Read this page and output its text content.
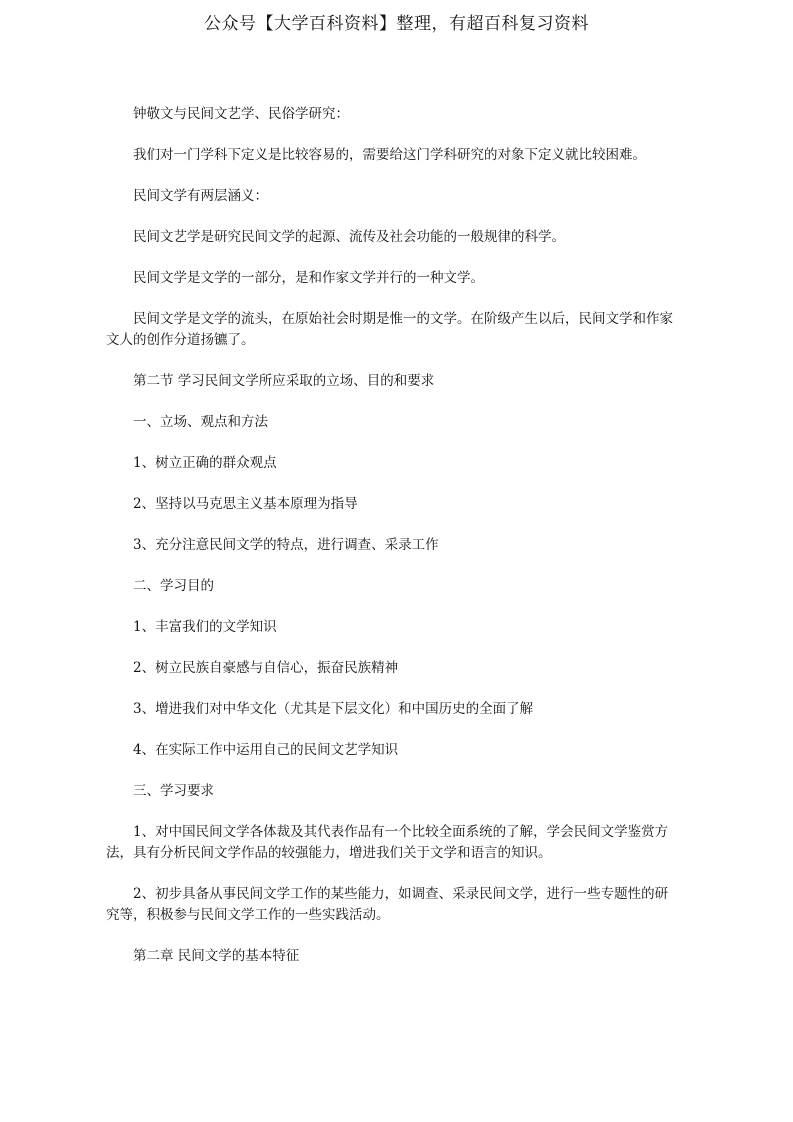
公众号【大学百科资料】整理，有超百科复习资料

钟敬文与民间文艺学、民俗学研究：

我们对一门学科下定义是比较容易的，需要给这门学科研究的对象下定义就比较困难。

民间文学有两层涵义：

民间文艺学是研究民间文学的起源、流传及社会功能的一般规律的科学。

民间文学是文学的一部分，是和作家文学并行的一种文学。

民间文学是文学的流头，在原始社会时期是惟一的文学。在阶级产生以后，民间文学和作家文人的创作分道扬镳了。

第二节 学习民间文学所应采取的立场、目的和要求

一、立场、观点和方法

1、树立正确的群众观点

2、坚持以马克思主义基本原理为指导

3、充分注意民间文学的特点，进行调查、采录工作

二、学习目的

1、丰富我们的文学知识

2、树立民族自豪感与自信心，振奋民族精神

3、增进我们对中华文化（尤其是下层文化）和中国历史的全面了解

4、在实际工作中运用自己的民间文艺学知识

三、学习要求

1、对中国民间文学各体裁及其代表作品有一个比较全面系统的了解，学会民间文学鉴赏方法，具有分析民间文学作品的较强能力，增进我们关于文学和语言的知识。

2、初步具备从事民间文学工作的某些能力，如调查、采录民间文学，进行一些专题性的研究等，积极参与民间文学工作的一些实践活动。

第二章 民间文学的基本特征
